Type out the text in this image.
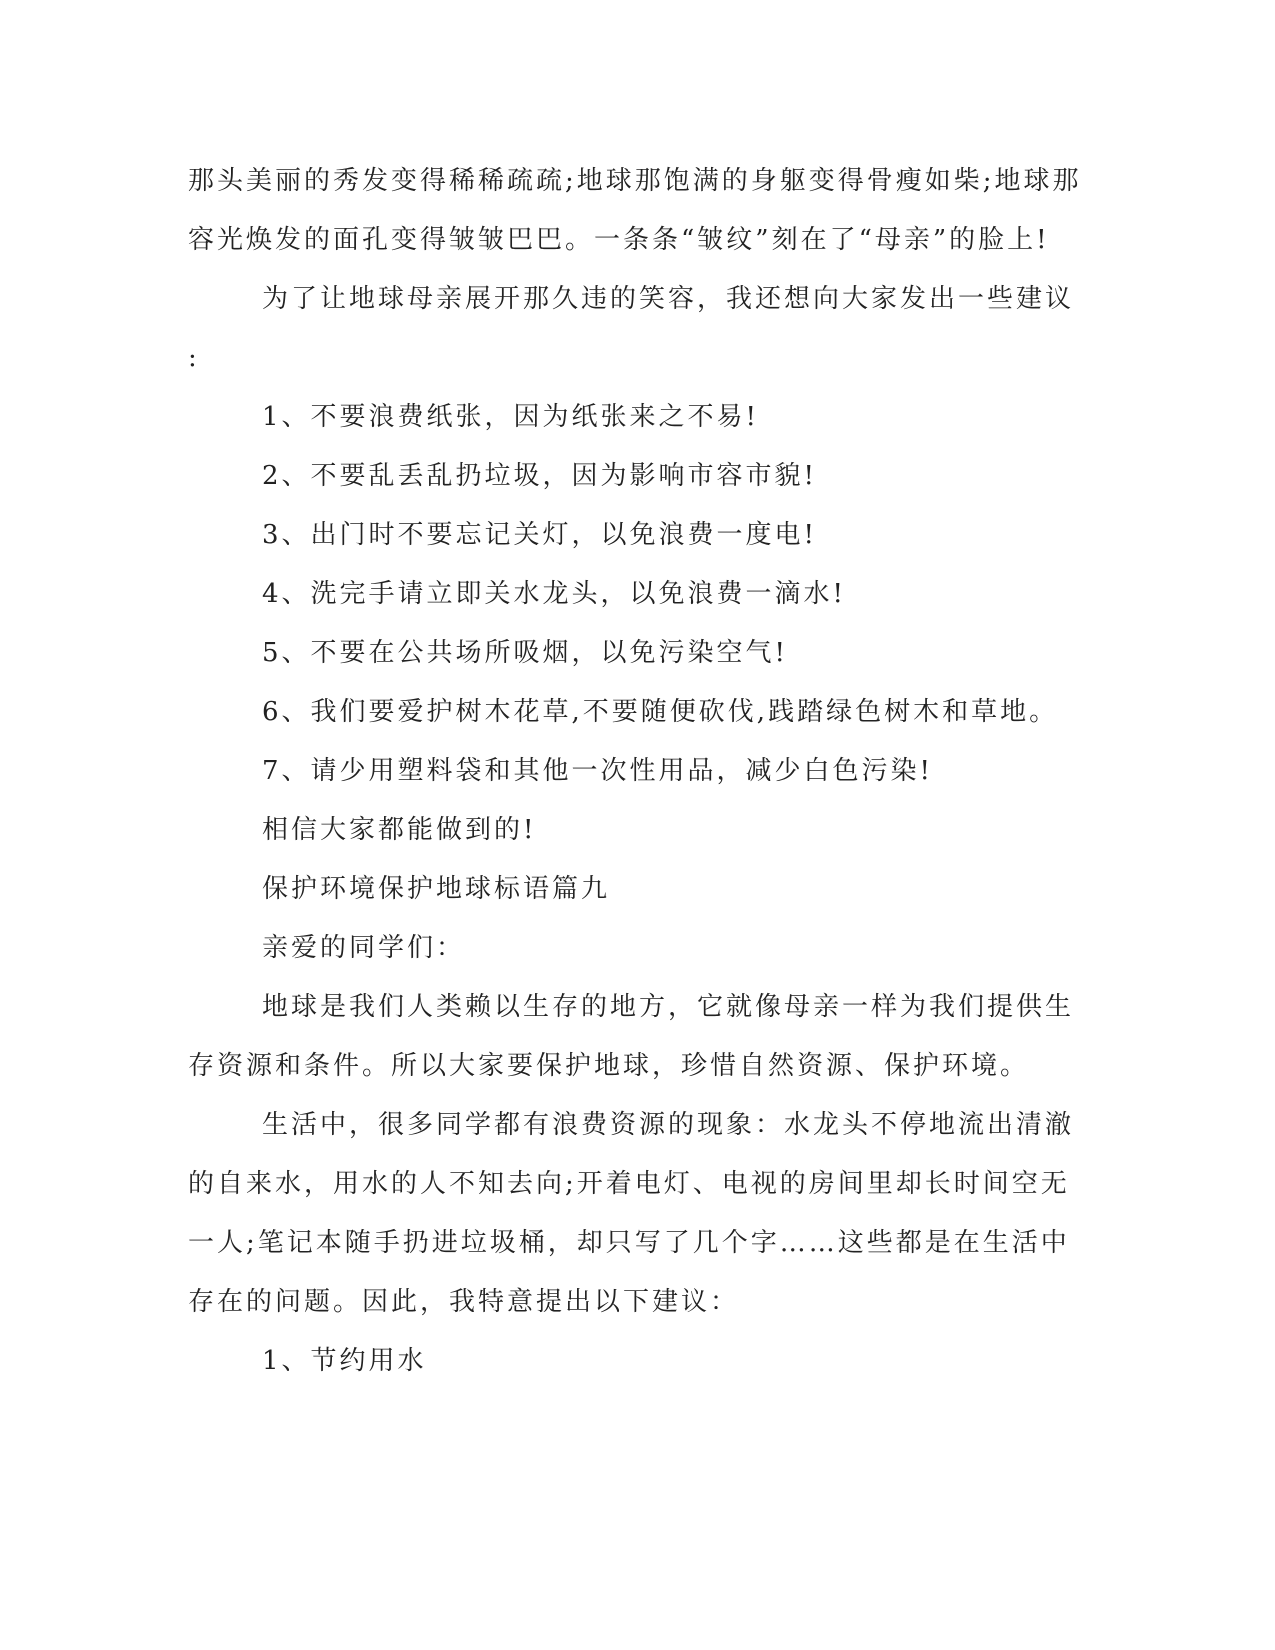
那头美丽的秀发变得稀稀疏疏;地球那饱满的身躯变得骨瘦如柴;地球那

容光焕发的面孔变得皱皱巴巴。一条条“皱纹”刻在了“母亲”的脸上!

为了让地球母亲展开那久违的笑容，我还想向大家发出一些建议

:

1、不要浪费纸张，因为纸张来之不易!

2、不要乱丢乱扔垃圾，因为影响市容市貌!

3、出门时不要忘记关灯，以免浪费一度电!

4、洗完手请立即关水龙头，以免浪费一滴水!

5、不要在公共场所吸烟，以免污染空气!

6、我们要爱护树木花草,不要随便砍伐,践踏绿色树木和草地。

7、请少用塑料袋和其他一次性用品，减少白色污染!

相信大家都能做到的!

保护环境保护地球标语篇九

亲爱的同学们：

地球是我们人类赖以生存的地方，它就像母亲一样为我们提供生

存资源和条件。所以大家要保护地球，珍惜自然资源、保护环境。

生活中，很多同学都有浪费资源的现象：水龙头不停地流出清澈

的自来水，用水的人不知去向;开着电灯、电视的房间里却长时间空无

一人;笔记本随手扔进垃圾桶，却只写了几个字……这些都是在生活中

存在的问题。因此，我特意提出以下建议：

1、节约用水
